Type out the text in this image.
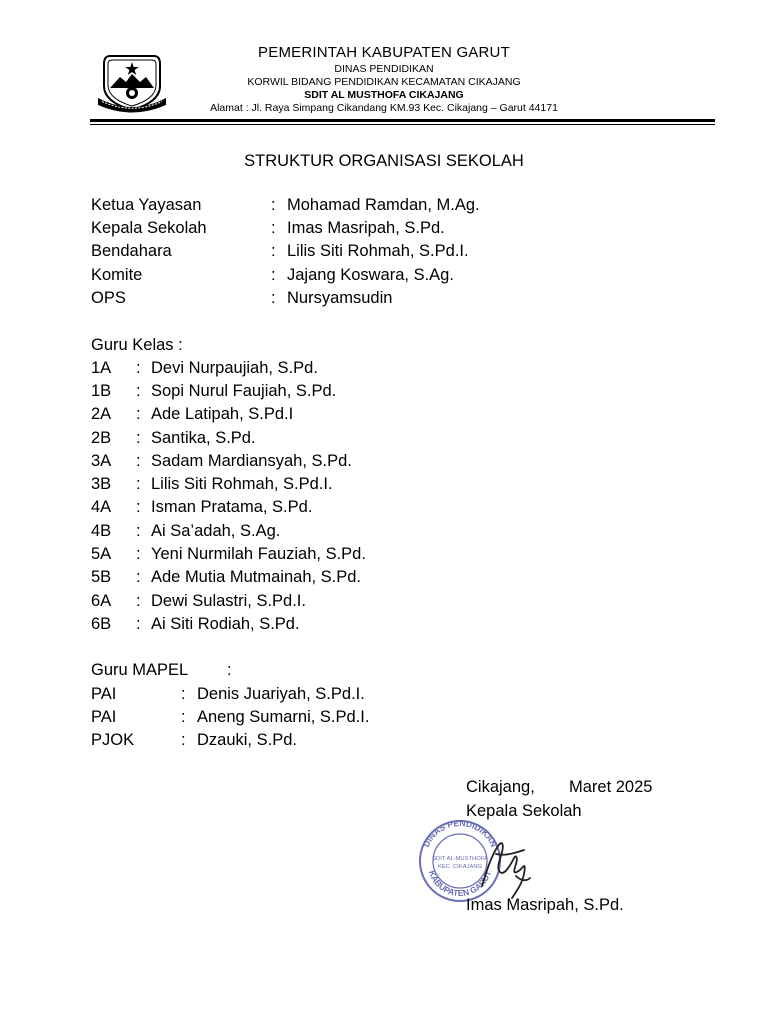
PEMERINTAH KABUPATEN GARUT
DINAS PENDIDIKAN
KORWIL BIDANG PENDIDIKAN KECAMATAN CIKAJANG
SDIT AL MUSTHOFA CIKAJANG
Alamat : Jl. Raya Simpang Cikandang KM.93 Kec. Cikajang – Garut 44171
STRUKTUR ORGANISASI SEKOLAH
Ketua Yayasan	: Mohamad Ramdan, M.Ag.
Kepala Sekolah	: Imas Masripah, S.Pd.
Bendahara	: Lilis Siti Rohmah, S.Pd.I.
Komite	: Jajang Koswara, S.Ag.
OPS	: Nursyamsudin
Guru Kelas :
1A : Devi Nurpaujiah, S.Pd.
1B : Sopi Nurul Faujiah, S.Pd.
2A : Ade Latipah, S.Pd.I
2B : Santika, S.Pd.
3A : Sadam Mardiansyah, S.Pd.
3B : Lilis Siti Rohmah, S.Pd.I.
4A : Isman Pratama, S.Pd.
4B : Ai Sa’adah, S.Ag.
5A : Yeni Nurmilah Fauziah, S.Pd.
5B : Ade Mutia Mutmainah, S.Pd.
6A : Dewi Sulastri, S.Pd.I.
6B : Ai Siti Rodiah, S.Pd.
Guru MAPEL :
PAI	: Denis Juariyah, S.Pd.I.
PAI	: Aneng Sumarni, S.Pd.I.
PJOK	: Dzauki, S.Pd.
Cikajang, Maret 2025
Kepala Sekolah
DINAS PENDIDIKAN
KABUPATEN GARUT
SDIT AL-MUSTHOFA
KEC. CIKAJANG
Imas Masripah, S.Pd.
